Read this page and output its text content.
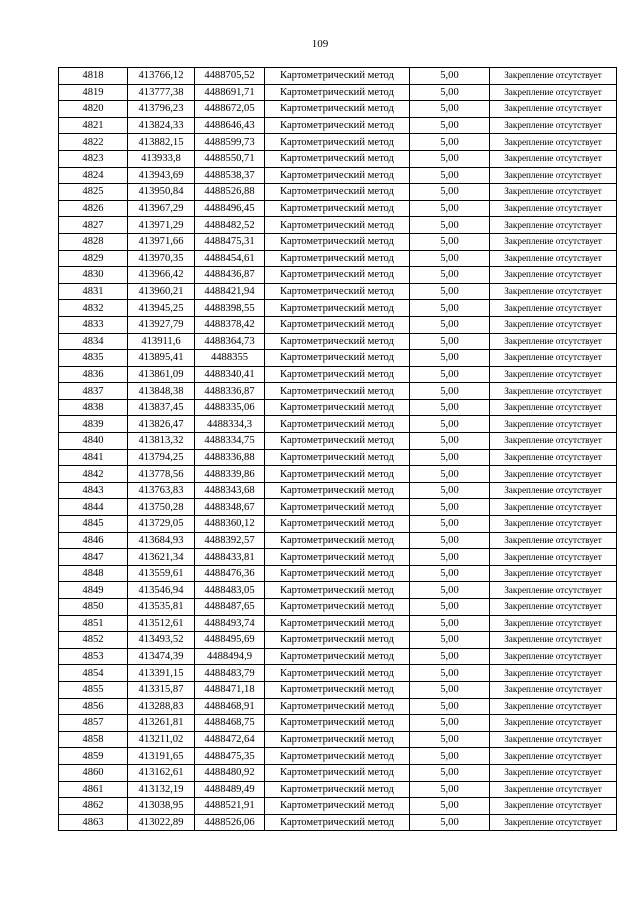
109
4818	413766,12	4488705,52	Картометрический метод	5,00	Закрепление отсутствует
4819	413777,38	4488691,71	Картометрический метод	5,00	Закрепление отсутствует
4820	413796,23	4488672,05	Картометрический метод	5,00	Закрепление отсутствует
4821	413824,33	4488646,43	Картометрический метод	5,00	Закрепление отсутствует
4822	413882,15	4488599,73	Картометрический метод	5,00	Закрепление отсутствует
4823	413933,8	4488550,71	Картометрический метод	5,00	Закрепление отсутствует
4824	413943,69	4488538,37	Картометрический метод	5,00	Закрепление отсутствует
4825	413950,84	4488526,88	Картометрический метод	5,00	Закрепление отсутствует
4826	413967,29	4488496,45	Картометрический метод	5,00	Закрепление отсутствует
4827	413971,29	4488482,52	Картометрический метод	5,00	Закрепление отсутствует
4828	413971,66	4488475,31	Картометрический метод	5,00	Закрепление отсутствует
4829	413970,35	4488454,61	Картометрический метод	5,00	Закрепление отсутствует
4830	413966,42	4488436,87	Картометрический метод	5,00	Закрепление отсутствует
4831	413960,21	4488421,94	Картометрический метод	5,00	Закрепление отсутствует
4832	413945,25	4488398,55	Картометрический метод	5,00	Закрепление отсутствует
4833	413927,79	4488378,42	Картометрический метод	5,00	Закрепление отсутствует
4834	413911,6	4488364,73	Картометрический метод	5,00	Закрепление отсутствует
4835	413895,41	4488355	Картометрический метод	5,00	Закрепление отсутствует
4836	413861,09	4488340,41	Картометрический метод	5,00	Закрепление отсутствует
4837	413848,38	4488336,87	Картометрический метод	5,00	Закрепление отсутствует
4838	413837,45	4488335,06	Картометрический метод	5,00	Закрепление отсутствует
4839	413826,47	4488334,3	Картометрический метод	5,00	Закрепление отсутствует
4840	413813,32	4488334,75	Картометрический метод	5,00	Закрепление отсутствует
4841	413794,25	4488336,88	Картометрический метод	5,00	Закрепление отсутствует
4842	413778,56	4488339,86	Картометрический метод	5,00	Закрепление отсутствует
4843	413763,83	4488343,68	Картометрический метод	5,00	Закрепление отсутствует
4844	413750,28	4488348,67	Картометрический метод	5,00	Закрепление отсутствует
4845	413729,05	4488360,12	Картометрический метод	5,00	Закрепление отсутствует
4846	413684,93	4488392,57	Картометрический метод	5,00	Закрепление отсутствует
4847	413621,34	4488433,81	Картометрический метод	5,00	Закрепление отсутствует
4848	413559,61	4488476,36	Картометрический метод	5,00	Закрепление отсутствует
4849	413546,94	4488483,05	Картометрический метод	5,00	Закрепление отсутствует
4850	413535,81	4488487,65	Картометрический метод	5,00	Закрепление отсутствует
4851	413512,61	4488493,74	Картометрический метод	5,00	Закрепление отсутствует
4852	413493,52	4488495,69	Картометрический метод	5,00	Закрепление отсутствует
4853	413474,39	4488494,9	Картометрический метод	5,00	Закрепление отсутствует
4854	413391,15	4488483,79	Картометрический метод	5,00	Закрепление отсутствует
4855	413315,87	4488471,18	Картометрический метод	5,00	Закрепление отсутствует
4856	413288,83	4488468,91	Картометрический метод	5,00	Закрепление отсутствует
4857	413261,81	4488468,75	Картометрический метод	5,00	Закрепление отсутствует
4858	413211,02	4488472,64	Картометрический метод	5,00	Закрепление отсутствует
4859	413191,65	4488475,35	Картометрический метод	5,00	Закрепление отсутствует
4860	413162,61	4488480,92	Картометрический метод	5,00	Закрепление отсутствует
4861	413132,19	4488489,49	Картометрический метод	5,00	Закрепление отсутствует
4862	413038,95	4488521,91	Картометрический метод	5,00	Закрепление отсутствует
4863	413022,89	4488526,06	Картометрический метод	5,00	Закрепление отсутствует
